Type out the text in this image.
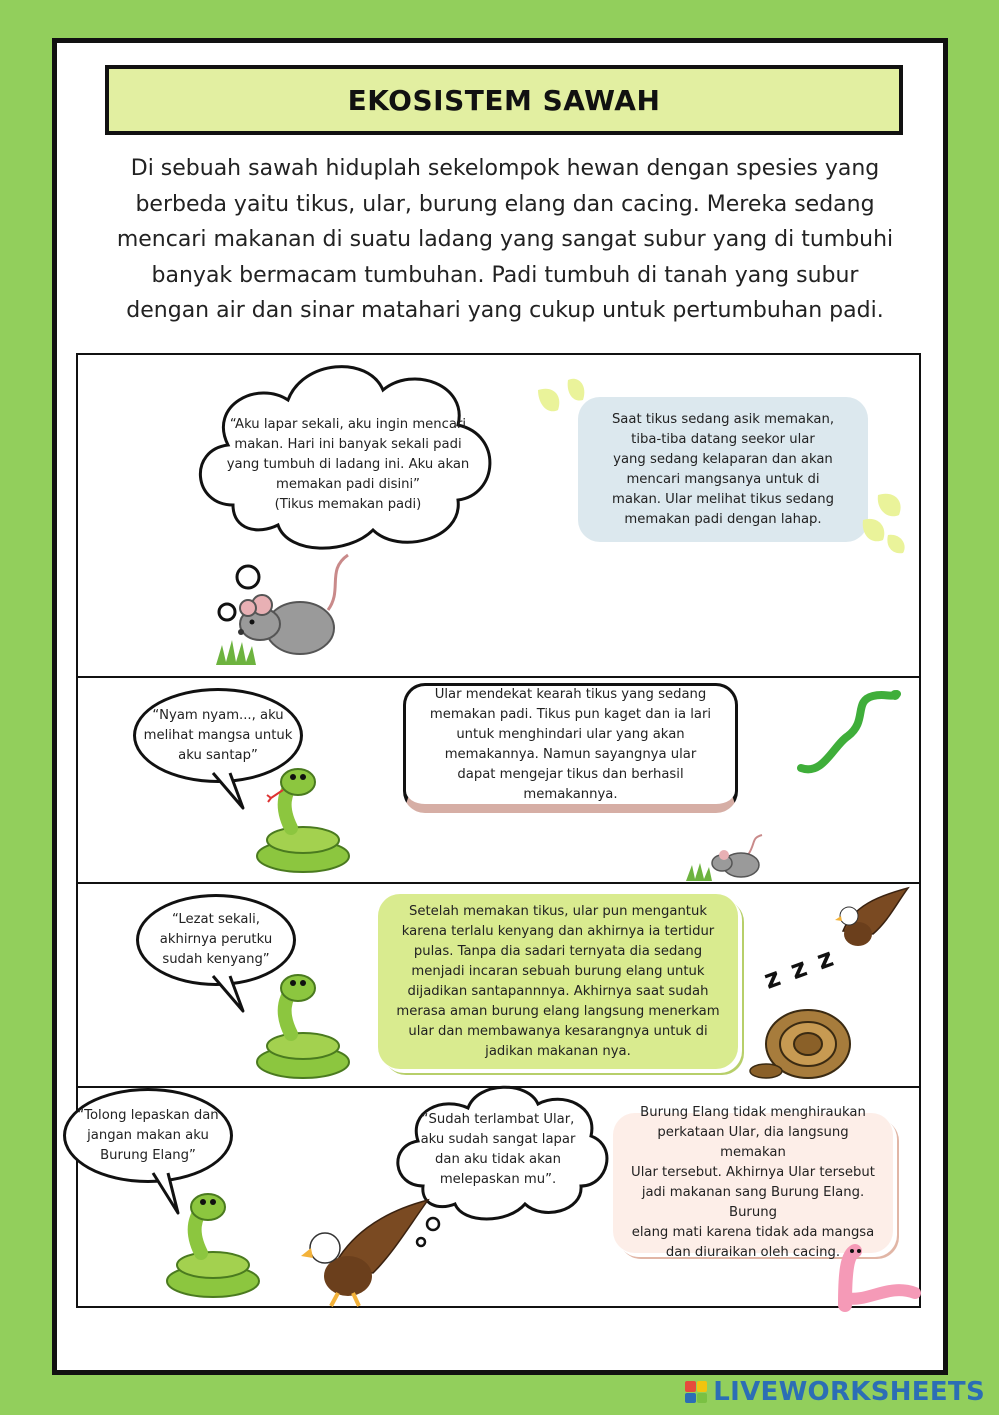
EKOSISTEM SAWAH
Di sebuah sawah hiduplah sekelompok hewan dengan spesies yang
berbeda yaitu tikus, ular, burung elang dan cacing. Mereka sedang
mencari makanan di suatu ladang yang sangat subur yang di tumbuhi
banyak bermacam tumbuhan. Padi tumbuh di tanah yang subur
dengan air dan sinar matahari yang cukup untuk pertumbuhan padi.
“Aku lapar sekali, aku ingin mencari
makan. Hari ini banyak sekali padi
yang tumbuh di ladang ini. Aku akan
memakan padi disini”
(Tikus memakan padi)
Saat tikus sedang asik memakan,
tiba-tiba datang seekor ular
yang sedang kelaparan dan akan
mencari mangsanya untuk di
makan. Ular melihat tikus sedang
memakan padi dengan lahap.
“Nyam nyam..., aku
melihat mangsa untuk
aku santap”
Ular mendekat kearah tikus yang sedang
memakan padi. Tikus pun kaget dan ia lari
untuk menghindari ular yang akan
memakannya. Namun sayangnya ular
dapat mengejar tikus dan berhasil
memakannya.
“Lezat sekali,
akhirnya perutku
sudah kenyang”
Setelah memakan tikus, ular pun mengantuk
karena terlalu kenyang dan akhirnya ia tertidur
pulas. Tanpa dia sadari ternyata dia sedang
menjadi incaran sebuah burung elang untuk
dijadikan santapannnya. Akhirnya saat sudah
merasa aman burung elang langsung menerkam
ular dan membawanya kesarangnya untuk di
jadikan makanan nya.
z z z
“Tolong lepaskan dan
jangan makan aku
Burung Elang”
“Sudah terlambat Ular,
aku sudah sangat lapar
dan aku tidak akan
melepaskan mu”.
Burung Elang tidak menghiraukan
perkataan Ular, dia langsung memakan
Ular tersebut. Akhirnya Ular tersebut
jadi makanan sang Burung Elang. Burung
elang mati karena tidak ada mangsa
dan diuraikan oleh cacing.
LIVEWORKSHEETS
